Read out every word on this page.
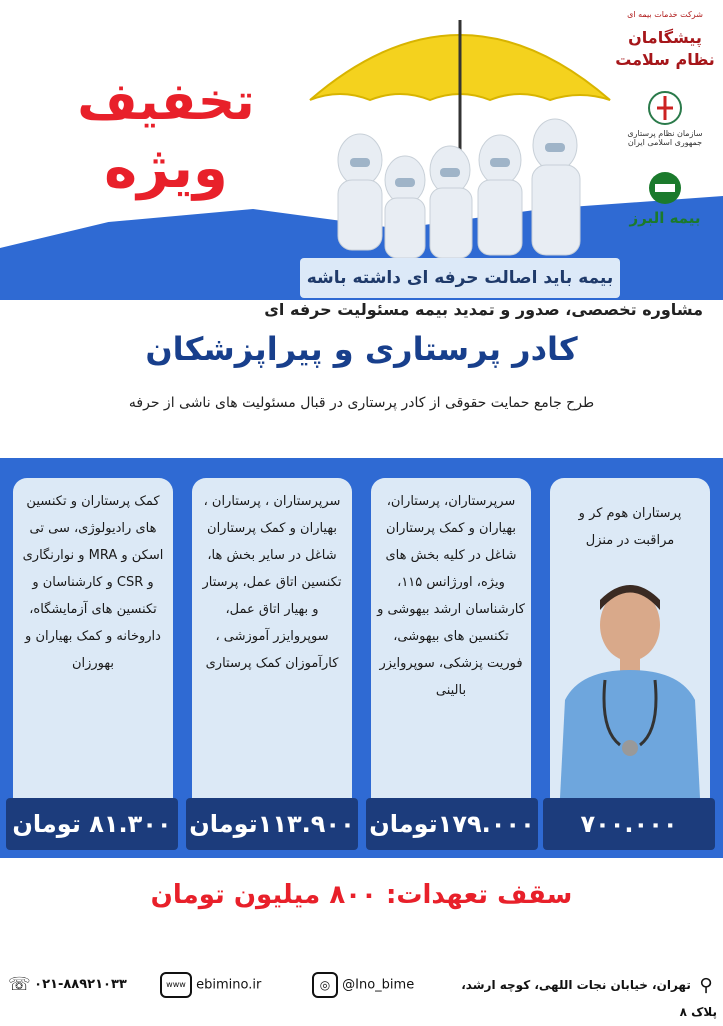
تخفیف
ویژه
شرکت خدمات بیمه ای
پیشگامان نظام سلامت
سازمان نظام پرستاری جمهوری اسلامی ایران
بیمه البرز
بیمه باید اصالت حرفه ای داشته باشه
مشاوره تخصصی، صدور و تمدید بیمه مسئولیت حرفه ای
کادر پرستاری و پیراپزشکان
طرح جامع حمایت حقوقی از کادر پرستاری در قبال مسئولیت های ناشی از حرفه
پرستاران هوم کر و مراقبت در منزل
سرپرستاران، پرستاران، بهیاران و کمک پرستاران شاغل در کلیه بخش های ویژه، اورژانس ۱۱۵، کارشناسان ارشد بیهوشی و تکنسین های بیهوشی، فوریت پزشکی، سوپروایزر بالینی
سرپرستاران ، پرستاران ، بهیاران و کمک پرستاران شاغل در سایر بخش ها، تکنسین اتاق عمل، پرستار و بهیار اتاق عمل، سوپروایزر آموزشی ، کارآموزان کمک پرستاری
کمک پرستاران و تکنسین های رادیولوژی، سی تی اسکن و MRA و نوارنگاری و CSR و کارشناسان و تکنسین های آزمایشگاه، داروخانه و کمک بهیاران و بهورزان
۷۰۰.۰۰۰ تومان
۱۷۹.۰۰۰تومان
۱۱۳.۹۰۰تومان
۸۱.۳۰۰ تومان
سقف تعهدات: ۸۰۰ میلیون تومان
⚲ تهران، خیابان نجات اللهی، کوچه ارشد، پلاک ۸
◎ @Ino_bime
www ebimino.ir
☏ ۰۲۱-۸۸۹۲۱۰۳۳
